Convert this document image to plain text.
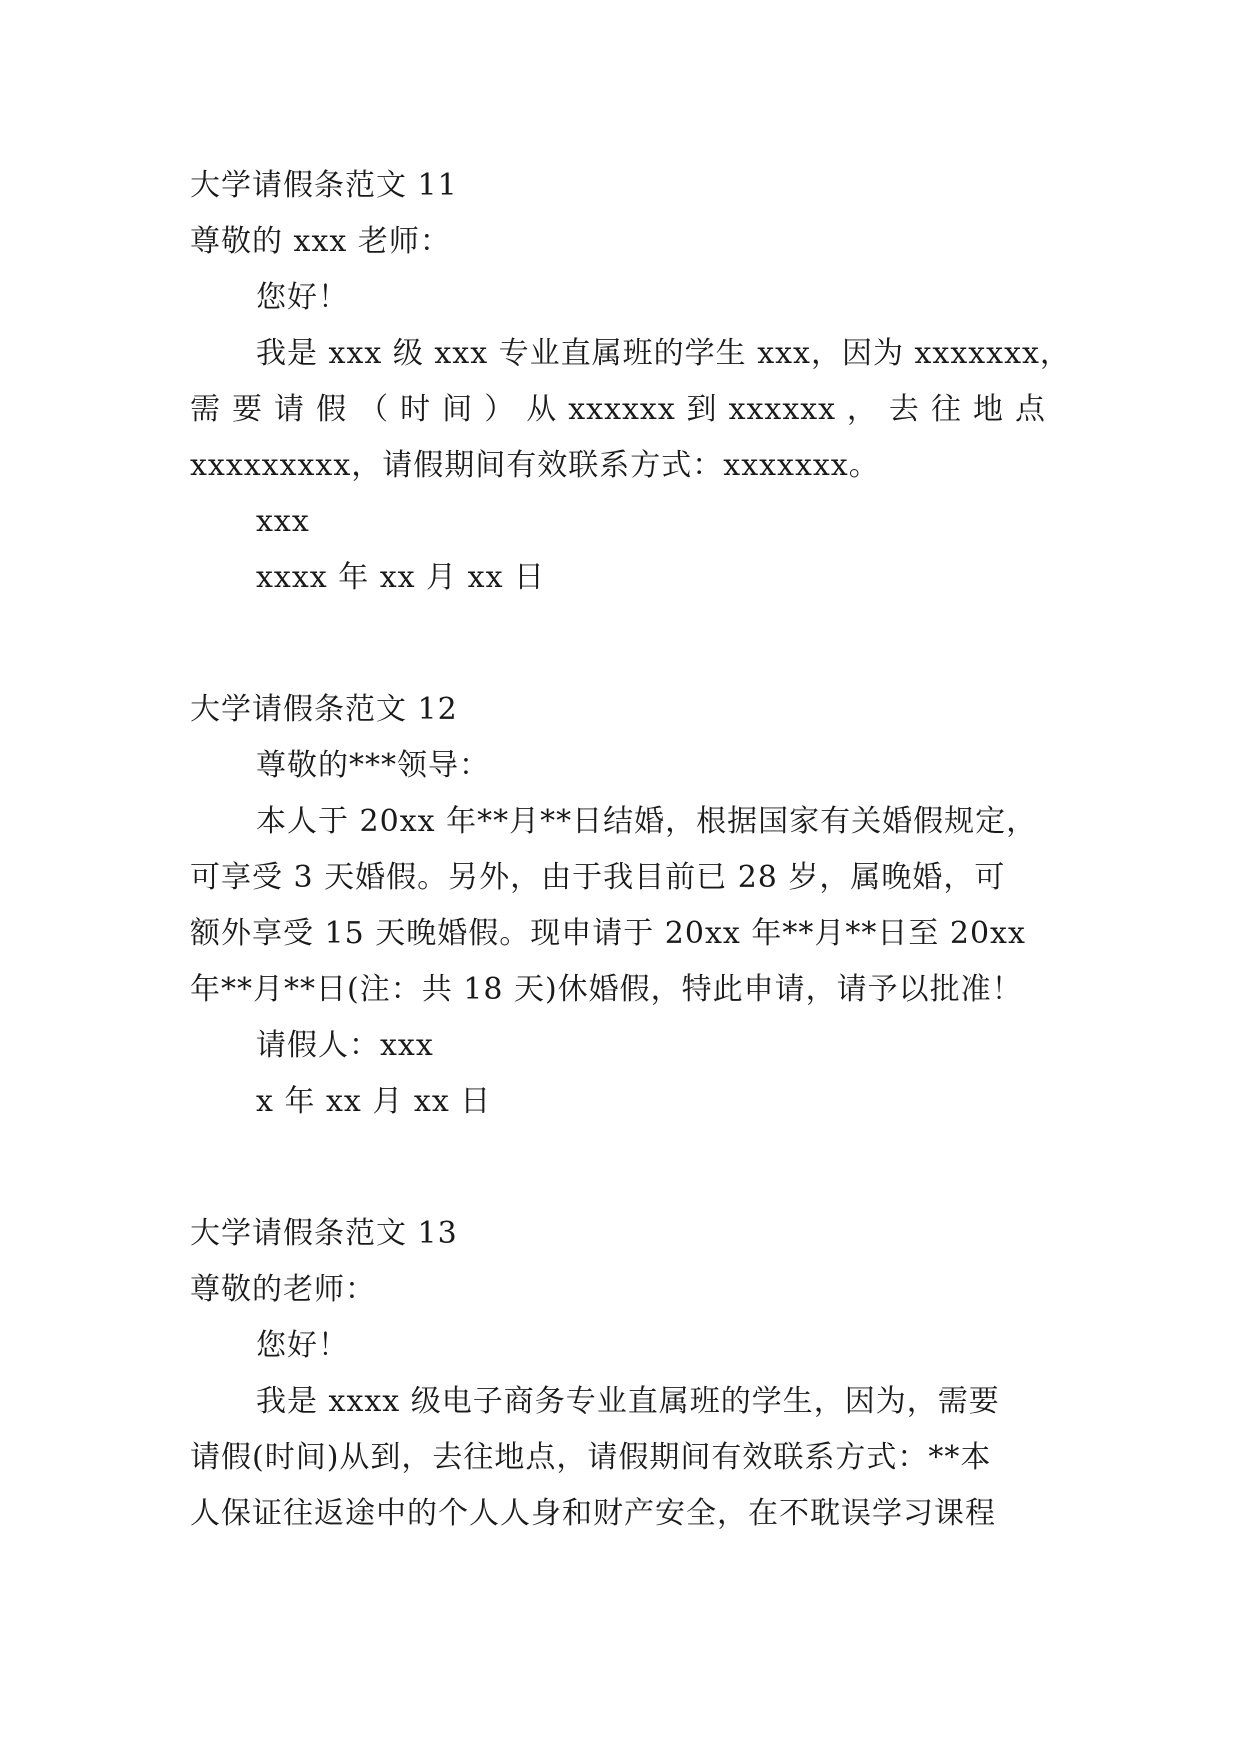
大学请假条范文 11
尊敬的 xxx 老师：
您好！
我是 xxx 级 xxx 专业直属班的学生 xxx，因为 xxxxxxx，
需 要 请 假 （ 时 间 ） 从 xxxxxx 到 xxxxxx ， 去 往 地 点
xxxxxxxxx，请假期间有效联系方式：xxxxxxx。
xxx
xxxx 年 xx 月 xx 日
大学请假条范文 12
尊敬的***领导：
本人于 20xx 年**月**日结婚，根据国家有关婚假规定，
可享受 3 天婚假。另外，由于我目前已 28 岁，属晚婚，可
额外享受 15 天晚婚假。现申请于 20xx 年**月**日至 20xx
年**月**日(注：共 18 天)休婚假，特此申请，请予以批准！
请假人：xxx
x 年 xx 月 xx 日
大学请假条范文 13
尊敬的老师：
您好！
我是 xxxx 级电子商务专业直属班的学生，因为，需要
请假(时间)从到，去往地点，请假期间有效联系方式：**本
人保证往返途中的个人人身和财产安全，在不耽误学习课程
